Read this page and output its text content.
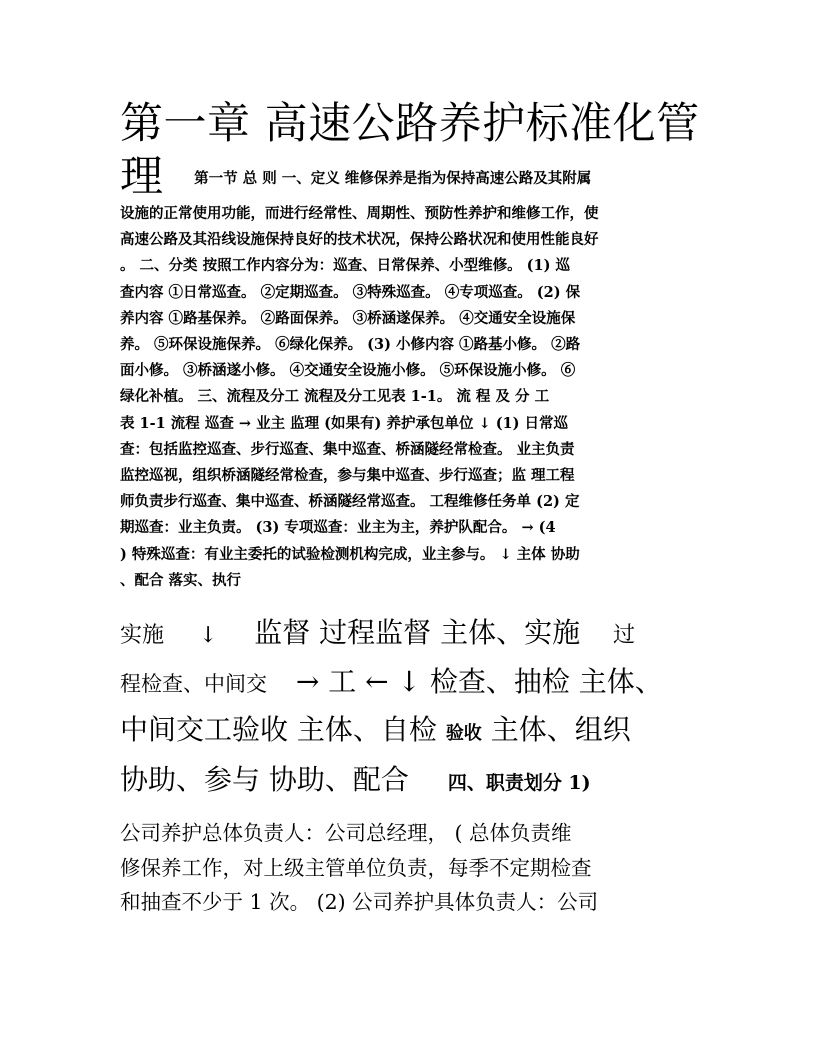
第一章 高速公路养护标准化管
理 第一节 总 则 一、定义 维修保养是指为保持高速公路及其附属
设施的正常使用功能，而进行经常性、周期性、预防性养护和维修工作，使
高速公路及其沿线设施保持良好的技术状况，保持公路状况和使用性能良好
。 二、分类 按照工作内容分为：巡查、日常保养、小型维修。 (1) 巡
查内容 ①日常巡查。 ②定期巡查。 ③特殊巡查。 ④专项巡查。 (2) 保
养内容 ①路基保养。 ②路面保养。 ③桥涵遂保养。 ④交通安全设施保
养。 ⑤环保设施保养。 ⑥绿化保养。 (3) 小修内容 ①路基小修。 ②路
面小修。 ③桥涵遂小修。 ④交通安全设施小修。 ⑤环保设施小修。 ⑥
绿化补植。 三、流程及分工 流程及分工见表 1-1。 流 程 及 分 工
表 1-1 流程 巡查 → 业主 监理 (如果有) 养护承包单位 ↓ (1) 日常巡
查：包括监控巡查、步行巡查、集中巡查、桥涵隧经常检查。 业主负责
监控巡视，组织桥涵隧经常检查，参与集中巡查、步行巡查；监 理工程
师负责步行巡查、集中巡查、桥涵隧经常巡查。 工程维修任务单 (2) 定
期巡查：业主负责。 (3) 专项巡查：业主为主，养护队配合。 → (4
) 特殊巡查：有业主委托的试验检测机构完成，业主参与。 ↓ 主体 协助
、配合 落实、执行
实施 ↓ 监督 过程监督 主体、实施 过
程检查、中间交 → 工 ← ↓ 检查、抽检 主体、
中间交工验收 主体、自检 验收 主体、组织
协助、参与 协助、配合 四、职责划分 1)
公司养护总体负责人：公司总经理， ( 总体负责维
修保养工作，对上级主管单位负责，每季不定期检查
和抽查不少于 1 次。 (2) 公司养护具体负责人：公司
